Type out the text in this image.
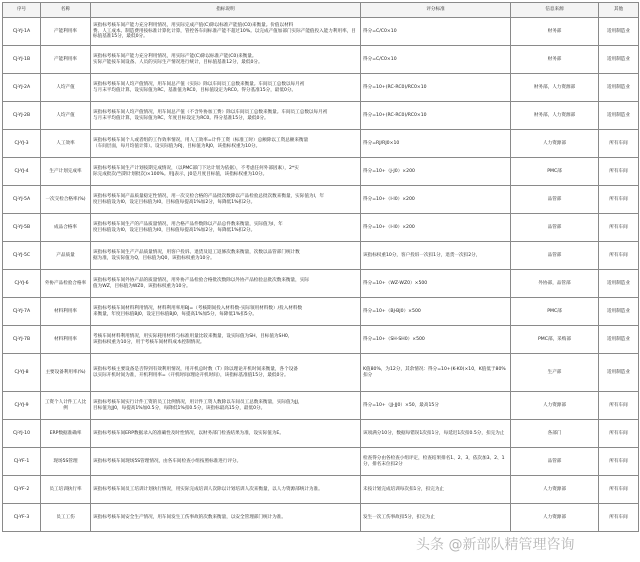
序号	名称	指标说明	评分标准	信息来源	其他
CJ-YJ-1A	产能利用率	该指标考核车间产能力充分利用情况，用实际完成产值(C)除以标准产能值(C0)来衡量。价值以材料
费、人工成本、制造费用按标准计算化计算，管控各车间标准产能不超过10%。以完成产值加部门实际产能值投入能力利用率，目标值基准15分，最低0分。	得分=C/C0×10	财务部	适用制造业
CJ-YJ-1B	产能利用率	该指标考核车间产能力充分利用情况，用实际产能(C)除以标准产能(C0)来衡量。
实际产能按车间设备、人员的实际生产情况进行统计，目标值基准12分，最低0分。	得分=C/C0×10	财务部	适用制造业
CJ-YJ-2A	人均产值	该指标考核车间人均产值情况，用车间总产值（实际）除以车间员工总数来衡量。车间员工总数以每月初
与月末平均值计算，设实际值为RC，基准值为RC0，目标值设定为RC0。得分基准15分，最低0分。	得分=10+(RC-RC0)/RC0×10	财务部，人力资源部	适用制造业
CJ-YJ-2B	人均产值	该指标考核车间人均产值情况，用车间总产值（不含外协加工费）除以车间员工总数来衡量。车间员工总数以每月初
与月末平均值计算，设实际值为RC，年度目标设定为RC0。得分基准15分，最低0分。	得分=10+(RC-RC0)/RC0×10	财务部，人力资源部	适用制造业
CJ-YJ-3	人工效率	该指标考核车间个人或者组的工作效率情况，用人工效率=计件工资（标准工时）总额除以工资总额来衡量
（车间层面，每月均值计算）。设实际值为RJ，目标值为RJ0，该指标权重为10分。	得分=RJ/RJ0×10	人力资源部	所有车间
CJ-YJ-4	生产计划完成率	该指标考核车间生产计划按期完成情况，（以PMC部门下达计划为依据），不考虑任何外部因素），2*实
际完成批次/当期计划批次)×100%。用J表示，J0是月度目标值，该指标权重为10分。	得分=10+（J-J0）×200	PMC部	所有车间
CJ-YJ-5A	一次交检合格率(%)	该指标考核车间产品质量稳定性情况，用一次交检合格的产品批次数除以产品检验总批次数来衡量，实际值为I，年
度目标值设为I0，设定目标值为I0，目标值每提高1%加2分，每降低1%扣2分。	得分=10+（I-I0）×200	品管部	所有车间
CJ-YJ-5B	成品合格率	该指标考核车间生产的产品质量情况，用合格产品件数除以产品总件数来衡量，实际值为I，年
度目标值设为I0，设定目标值为I0，目标值每提高1%加2分，每降低1%扣2分。	得分=10+（I-I0）×200	品管部	所有车间
CJ-YJ-5C	产品质量	该指标考核车间生产产品质量情况，用客户投诉、退货及返工返修次数来衡量，次数以品管部门统计数
据为准，设实际值为Q，目标值为Q0，该指标权重为10分。	该指标权重10分，客户投诉一次扣1分，退货一次扣2分，	品管部	所有车间
CJ-YJ-6	外协产品检验合格率	该指标考核车间外协产品的质量情况，用外协产品检验合格批次数除以外协产品检验总批次数来衡量，实际
值为WZ，目标值为WZ0，该指标权重为10分。	得分=10+（WZ-WZ0）×500	外协部，品管部	适用制造业
CJ-YJ-7A	材料利用率	该指标考核车间材料利用情况，材料利用率用BJ=（考核期间投入材料数-实际领用材料数）/投入材料数
来衡量，年度目标值BJ0，设定目标值BJ0，每提高1%加5分，每降低1%扣5分。	得分=10+（BJ-BJ0）×500	PMC部	适用制造业
CJ-YJ-7B	材料利用率	考核车间材料利用情况，用实际耗用材料与标准用量比较来衡量，设实际值为SH，目标值为SH0，
该指标权重为10分，用于考核车间材料成本控制情况。	得分=10+（SH-SH0）×500	PMC部，采购部	适用制造业
CJ-YJ-8	主要设备利用率(%)	该指标考核主要设备是否得到有效利用情况，用开机总时数（T）除以理论开机时间来衡量，各个设备
以实际开机时间为准，开机利用率=（开机时间/理论开机时间），该指标基准值15分，最低0分。	K值80%，为12分，其余情况：得分=10+(K-K0)×10，K值低于80%扣分	生产部	适用制造业
CJ-YJ-9	工资个人计件工人比例	该指标考核车间实行计件工资的员工比例情况，用计件工资人数除以车间员工总数来衡量，实际值为JJ，
目标值为JJ0，每提高1%加0.5分，每降低1%扣0.5分，该指标最高15分，最低0分。	得分=10+（JJ-JJ0）×50，最高15分	人力资源部	所有车间
CJ-YJ-10	ERP数据准确率	该指标考核车间ERP数据录入的准确性及时性情况，以财务部门检查结果为准，设实际值为E。	该项满分10分，数据每错误1次扣1分，每延迟1次扣0.5分，扣完为止	各部门	所有车间
CJ-YF-1	现场5S管理	该指标考核车间现场5S管理情况，由各车间检查小组按照标准进行评分。	检查得分由各检查小组评定，检查结果排名1、2、3，依次加3、2、1分，排名末位扣2分	品管部	所有车间
CJ-YF-2	员工培训执行率	该指标考核车间员工培训计划执行情况，用实际完成培训人次除以计划培训人次来衡量，以人力资源部统计为准。	未按计划完成培训每次扣1分，扣完为止	人力资源部	所有车间
CJ-YF-3	员工工伤	该指标考核车间安全生产情况，用车间发生工伤事故的次数来衡量，以安全管理部门统计为准。	发生一次工伤事故扣5分，扣完为止	人力资源部	所有车间
头条 @新部队精管理咨询
